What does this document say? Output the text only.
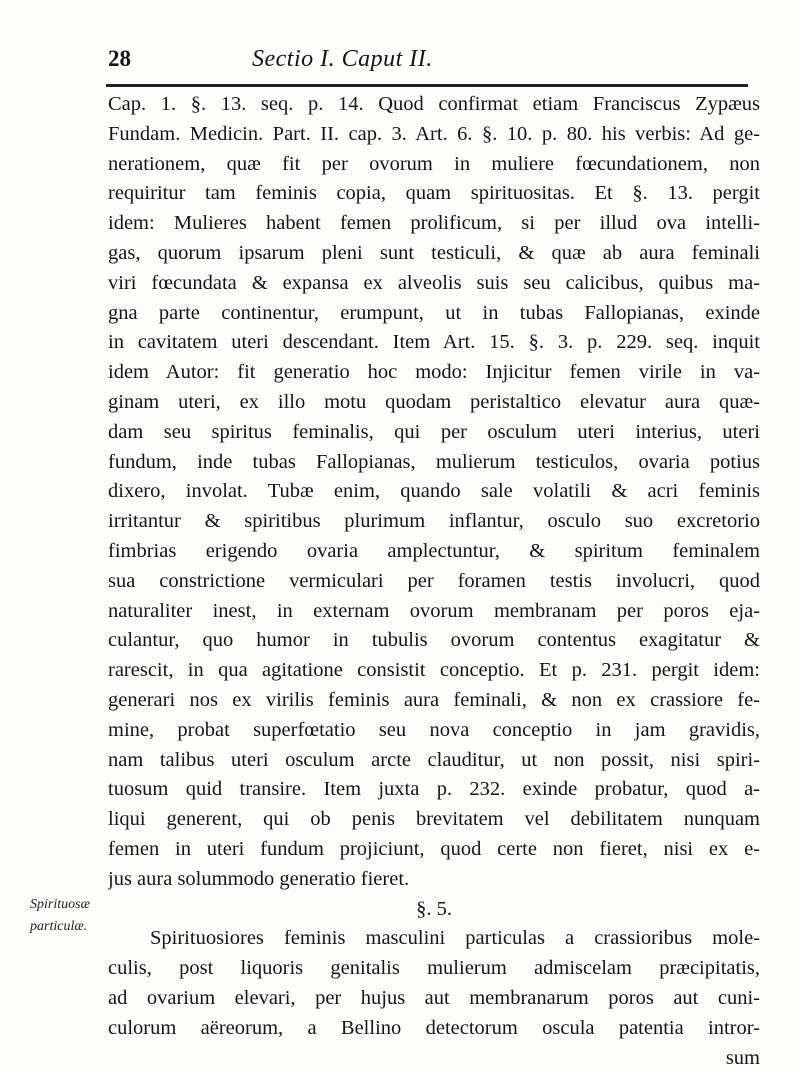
28	Sectio I. Caput II.
Cap. 1. §. 13. seq. p. 14. Quod confirmat etiam Franciscus Zypæus
Fundam. Medicin. Part. II. cap. 3. Art. 6. §. 10. p. 80. his verbis: Ad ge-
nerationem, quæ fit per ovorum in muliere fœcundationem, non
requiritur tam feminis copia, quam spirituositas. Et §. 13. pergit
idem: Mulieres habent femen prolificum, si per illud ova intelli-
gas, quorum ipsarum pleni sunt testiculi, & quæ ab aura feminali
viri fœcundata & expansa ex alveolis suis seu calicibus, quibus ma-
gna parte continentur, erumpunt, ut in tubas Fallopianas, exinde
in cavitatem uteri descendant. Item Art. 15. §. 3. p. 229. seq. inquit
idem Autor: fit generatio hoc modo: Injicitur femen virile in va-
ginam uteri, ex illo motu quodam peristaltico elevatur aura quæ-
dam seu spiritus feminalis, qui per osculum uteri interius, uteri
fundum, inde tubas Fallopianas, mulierum testiculos, ovaria potius
dixero, involat. Tubæ enim, quando sale volatili & acri feminis
irritantur & spiritibus plurimum inflantur, osculo suo excretorio
fimbrias erigendo ovaria amplectuntur, & spiritum feminalem
sua constrictione vermiculari per foramen testis involucri, quod
naturaliter inest, in externam ovorum membranam per poros eja-
culantur, quo humor in tubulis ovorum contentus exagitatur &
rarescit, in qua agitatione consistit conceptio. Et p. 231. pergit idem:
generari nos ex virilis feminis aura feminali, & non ex crassiore fe-
mine, probat superfœtatio seu nova conceptio in jam gravidis,
nam talibus uteri osculum arcte clauditur, ut non possit, nisi spiri-
tuosum quid transire. Item juxta p. 232. exinde probatur, quod a-
liqui generent, qui ob penis brevitatem vel debilitatem nunquam
femen in uteri fundum projiciunt, quod certe non fieret, nisi ex e-
jus aura solummodo generatio fieret.
§. 5.
Spirituosiores feminis masculini particulas a crassioribus mole-
culis, post liquoris genitalis mulierum admiscelam præcipitatis,
ad ovarium elevari, per hujus aut membranarum poros aut cuni-
culorum aëreorum, a Bellino detectorum oscula patentia intror-
sum
Spirituosæ
particulæ.
